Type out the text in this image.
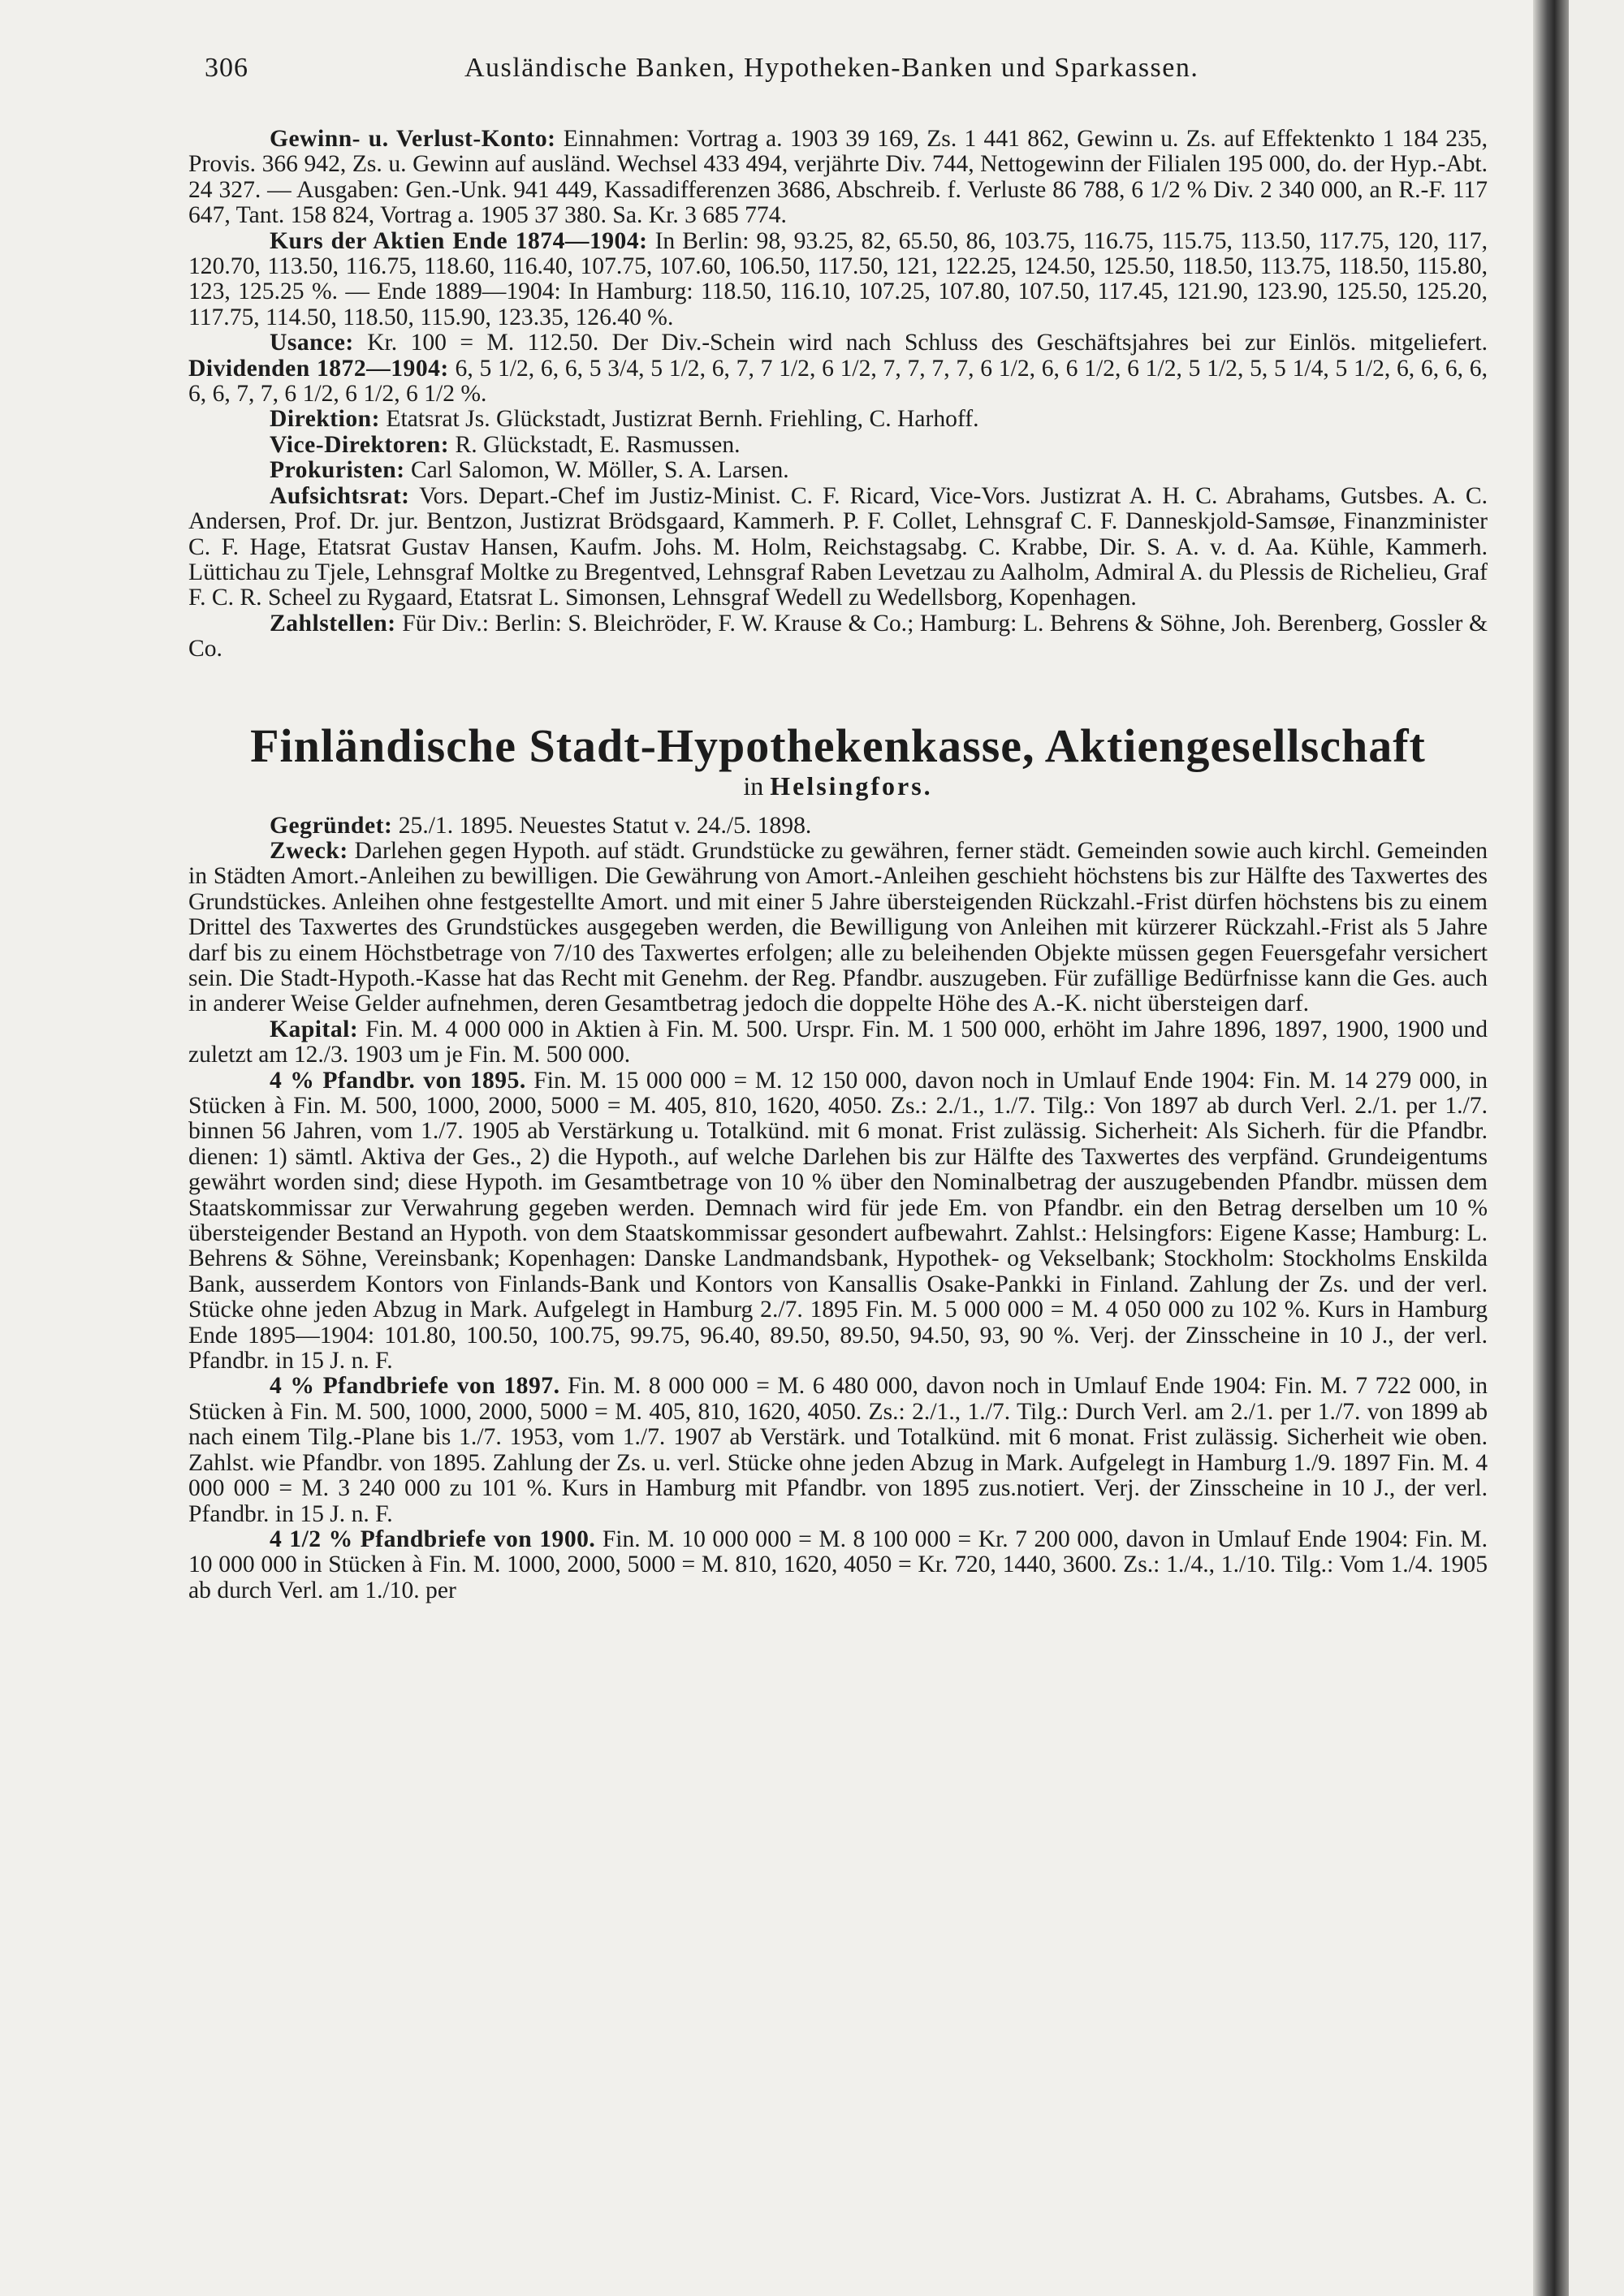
306	Ausländische Banken, Hypotheken-Banken und Sparkassen.

Gewinn- u. Verlust-Konto: Einnahmen: Vortrag a. 1903 39 169, Zs. 1 441 862, Gewinn u. Zs. auf Effektenkto 1 184 235, Provis. 366 942, Zs. u. Gewinn auf ausländ. Wechsel 433 494, verjährte Div. 744, Nettogewinn der Filialen 195 000, do. der Hyp.-Abt. 24 327. — Ausgaben: Gen.-Unk. 941 449, Kassadifferenzen 3686, Abschreib. f. Verluste 86 788, 6 1/2 % Div. 2 340 000, an R.-F. 117 647, Tant. 158 824, Vortrag a. 1905 37 380. Sa. Kr. 3 685 774.

Kurs der Aktien Ende 1874—1904: In Berlin: 98, 93.25, 82, 65.50, 86, 103.75, 116.75, 115.75, 113.50, 117.75, 120, 117, 120.70, 113.50, 116.75, 118.60, 116.40, 107.75, 107.60, 106.50, 117.50, 121, 122.25, 124.50, 125.50, 118.50, 113.75, 118.50, 115.80, 123, 125.25 %. — Ende 1889—1904: In Hamburg: 118.50, 116.10, 107.25, 107.80, 107.50, 117.45, 121.90, 123.90, 125.50, 125.20, 117.75, 114.50, 118.50, 115.90, 123.35, 126.40 %.

Usance: Kr. 100 = M. 112.50. Der Div.-Schein wird nach Schluss des Geschäftsjahres bei zur Einlös. mitgeliefert. Dividenden 1872—1904: 6, 5 1/2, 6, 6, 5 3/4, 5 1/2, 6, 7, 7 1/2, 6 1/2, 7, 7, 7, 7, 6 1/2, 6, 6 1/2, 6 1/2, 5 1/2, 5, 5 1/4, 5 1/2, 6, 6, 6, 6, 6, 6, 7, 7, 6 1/2, 6 1/2, 6 1/2 %.

Direktion: Etatsrat Js. Glückstadt, Justizrat Bernh. Friehling, C. Harhoff.

Vice-Direktoren: R. Glückstadt, E. Rasmussen.

Prokuristen: Carl Salomon, W. Möller, S. A. Larsen.

Aufsichtsrat: Vors. Depart.-Chef im Justiz-Minist. C. F. Ricard, Vice-Vors. Justizrat A. H. C. Abrahams, Gutsbes. A. C. Andersen, Prof. Dr. jur. Bentzon, Justizrat Brödsgaard, Kammerh. P. F. Collet, Lehnsgraf C. F. Danneskjold-Samsøe, Finanzminister C. F. Hage, Etatsrat Gustav Hansen, Kaufm. Johs. M. Holm, Reichstagsabg. C. Krabbe, Dir. S. A. v. d. Aa. Kühle, Kammerh. Lüttichau zu Tjele, Lehnsgraf Moltke zu Bregentved, Lehnsgraf Raben Levetzau zu Aalholm, Admiral A. du Plessis de Richelieu, Graf F. C. R. Scheel zu Rygaard, Etatsrat L. Simonsen, Lehnsgraf Wedell zu Wedellsborg, Kopenhagen.

Zahlstellen: Für Div.: Berlin: S. Bleichröder, F. W. Krause & Co.; Hamburg: L. Behrens & Söhne, Joh. Berenberg, Gossler & Co.

Finländische Stadt-Hypothekenkasse, Aktiengesellschaft
in Helsingfors.

Gegründet: 25./1. 1895. Neuestes Statut v. 24./5. 1898.

Zweck: Darlehen gegen Hypoth. auf städt. Grundstücke zu gewähren, ferner städt. Gemeinden sowie auch kirchl. Gemeinden in Städten Amort.-Anleihen zu bewilligen. Die Gewährung von Amort.-Anleihen geschieht höchstens bis zur Hälfte des Taxwertes des Grundstückes. Anleihen ohne festgestellte Amort. und mit einer 5 Jahre übersteigenden Rückzahl.-Frist dürfen höchstens bis zu einem Drittel des Taxwertes des Grundstückes ausgegeben werden, die Bewilligung von Anleihen mit kürzerer Rückzahl.-Frist als 5 Jahre darf bis zu einem Höchstbetrage von 7/10 des Taxwertes erfolgen; alle zu beleihenden Objekte müssen gegen Feuersgefahr versichert sein. Die Stadt-Hypoth.-Kasse hat das Recht mit Genehm. der Reg. Pfandbr. auszugeben. Für zufällige Bedürfnisse kann die Ges. auch in anderer Weise Gelder aufnehmen, deren Gesamtbetrag jedoch die doppelte Höhe des A.-K. nicht übersteigen darf.

Kapital: Fin. M. 4 000 000 in Aktien à Fin. M. 500. Urspr. Fin. M. 1 500 000, erhöht im Jahre 1896, 1897, 1900, 1900 und zuletzt am 12./3. 1903 um je Fin. M. 500 000.

4 % Pfandbr. von 1895. Fin. M. 15 000 000 = M. 12 150 000, davon noch in Umlauf Ende 1904: Fin. M. 14 279 000, in Stücken à Fin. M. 500, 1000, 2000, 5000 = M. 405, 810, 1620, 4050. Zs.: 2./1., 1./7. Tilg.: Von 1897 ab durch Verl. 2./1. per 1./7. binnen 56 Jahren, vom 1./7. 1905 ab Verstärkung u. Totalkünd. mit 6 monat. Frist zulässig. Sicherheit: Als Sicherh. für die Pfandbr. dienen: 1) sämtl. Aktiva der Ges., 2) die Hypoth., auf welche Darlehen bis zur Hälfte des Taxwertes des verpfänd. Grundeigentums gewährt worden sind; diese Hypoth. im Gesamtbetrage von 10 % über den Nominalbetrag der auszugebenden Pfandbr. müssen dem Staatskommissar zur Verwahrung gegeben werden. Demnach wird für jede Em. von Pfandbr. ein den Betrag derselben um 10 % übersteigender Bestand an Hypoth. von dem Staatskommissar gesondert aufbewahrt. Zahlst.: Helsingfors: Eigene Kasse; Hamburg: L. Behrens & Söhne, Vereinsbank; Kopenhagen: Danske Landmandsbank, Hypothek- og Vekselbank; Stockholm: Stockholms Enskilda Bank, ausserdem Kontors von Finlands-Bank und Kontors von Kansallis Osake-Pankki in Finland. Zahlung der Zs. und der verl. Stücke ohne jeden Abzug in Mark. Aufgelegt in Hamburg 2./7. 1895 Fin. M. 5 000 000 = M. 4 050 000 zu 102 %. Kurs in Hamburg Ende 1895—1904: 101.80, 100.50, 100.75, 99.75, 96.40, 89.50, 89.50, 94.50, 93, 90 %. Verj. der Zinsscheine in 10 J., der verl. Pfandbr. in 15 J. n. F.

4 % Pfandbriefe von 1897. Fin. M. 8 000 000 = M. 6 480 000, davon noch in Umlauf Ende 1904: Fin. M. 7 722 000, in Stücken à Fin. M. 500, 1000, 2000, 5000 = M. 405, 810, 1620, 4050. Zs.: 2./1., 1./7. Tilg.: Durch Verl. am 2./1. per 1./7. von 1899 ab nach einem Tilg.-Plane bis 1./7. 1953, vom 1./7. 1907 ab Verstärk. und Totalkünd. mit 6 monat. Frist zulässig. Sicherheit wie oben. Zahlst. wie Pfandbr. von 1895. Zahlung der Zs. u. verl. Stücke ohne jeden Abzug in Mark. Aufgelegt in Hamburg 1./9. 1897 Fin. M. 4 000 000 = M. 3 240 000 zu 101 %. Kurs in Hamburg mit Pfandbr. von 1895 zus.notiert. Verj. der Zinsscheine in 10 J., der verl. Pfandbr. in 15 J. n. F.

4 1/2 % Pfandbriefe von 1900. Fin. M. 10 000 000 = M. 8 100 000 = Kr. 7 200 000, davon in Umlauf Ende 1904: Fin. M. 10 000 000 in Stücken à Fin. M. 1000, 2000, 5000 = M. 810, 1620, 4050 = Kr. 720, 1440, 3600. Zs.: 1./4., 1./10. Tilg.: Vom 1./4. 1905 ab durch Verl. am 1./10. per
